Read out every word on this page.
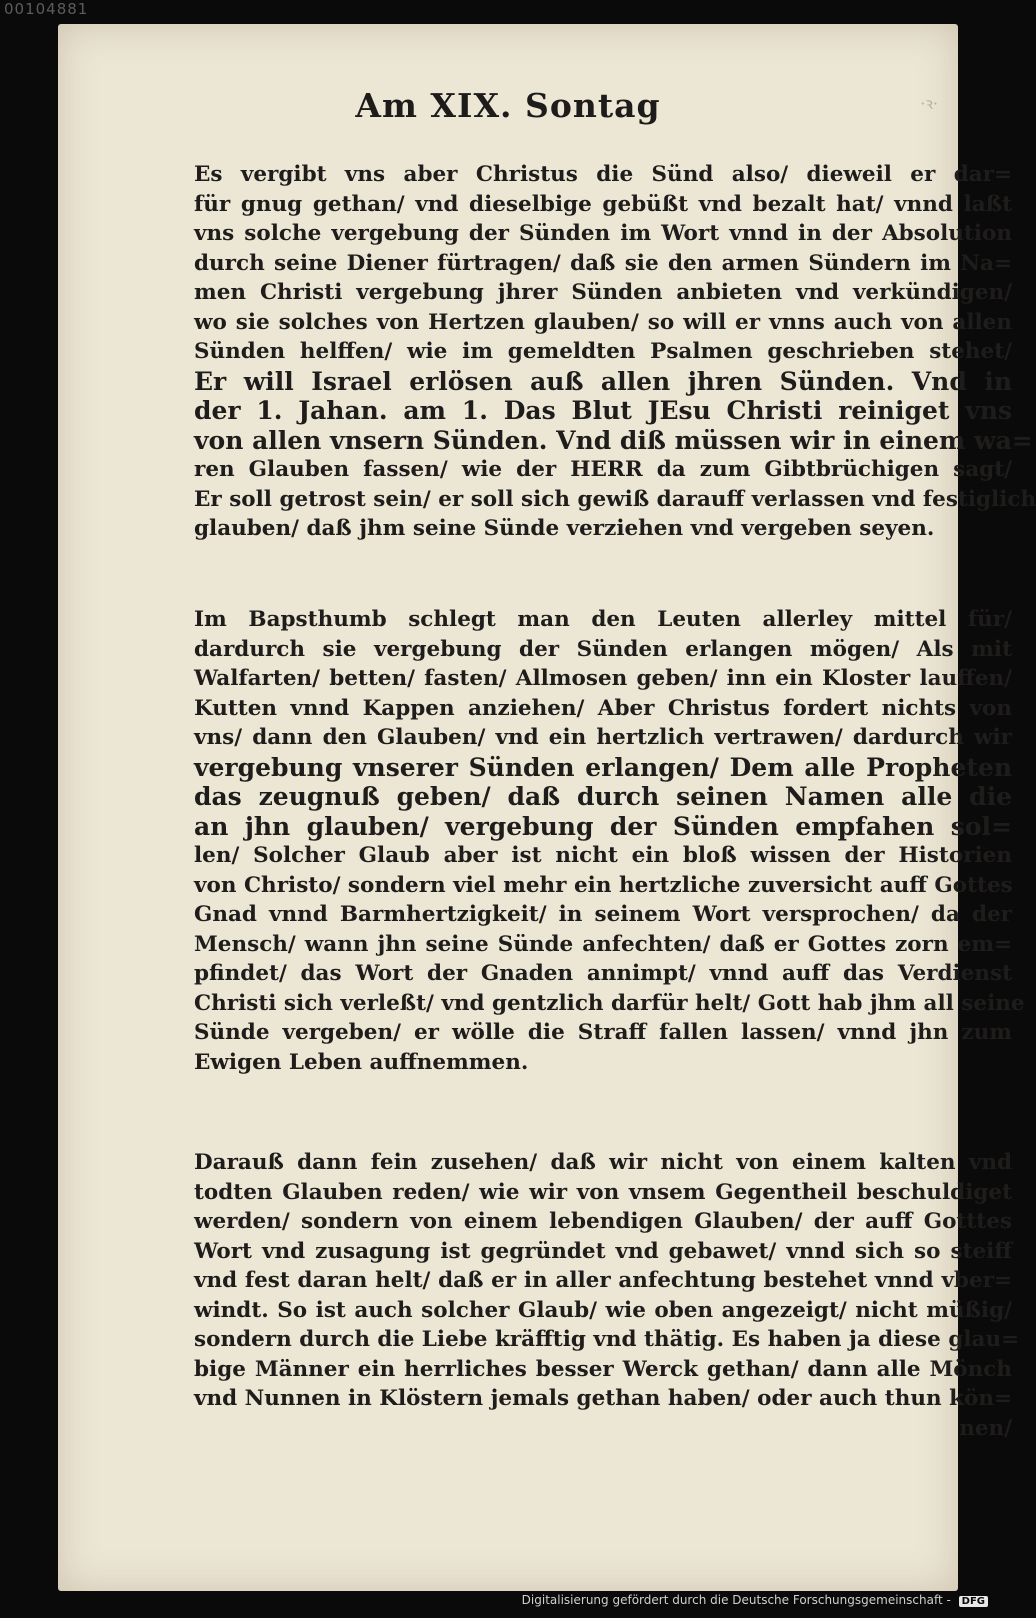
00104881
·ꝛ·
Am XIX. Sontag

Es vergibt vns aber Christus die Sünd also/ dieweil er dar=
für gnug gethan/ vnd dieselbige gebüßt vnd bezalt hat/ vnnd laßt
vns solche vergebung der Sünden im Wort vnnd in der Absolution
durch seine Diener fürtragen/ daß sie den armen Sündern im Na=
men Christi vergebung jhrer Sünden anbieten vnd verkündigen/
wo sie solches von Hertzen glauben/ so will er vnns auch von allen
Sünden helffen/ wie im gemeldten Psalmen geschrieben stehet/
Er will Israel erlösen auß allen jhren Sünden. Vnd in
der 1. Jahan. am 1. Das Blut JEsu Christi reiniget vns
von allen vnsern Sünden. Vnd diß müssen wir in einem wa=
ren Glauben fassen/ wie der HERR da zum Gibtbrüchigen sagt/
Er soll getrost sein/ er soll sich gewiß darauff verlassen vnd festiglich
glauben/ daß jhm seine Sünde verziehen vnd vergeben seyen.

Im Bapsthumb schlegt man den Leuten allerley mittel für/
dardurch sie vergebung der Sünden erlangen mögen/ Als mit
Walfarten/ betten/ fasten/ Allmosen geben/ inn ein Kloster lauffen/
Kutten vnnd Kappen anziehen/ Aber Christus fordert nichts von
vns/ dann den Glauben/ vnd ein hertzlich vertrawen/ dardurch wir
vergebung vnserer Sünden erlangen/ Dem alle Propheten
das zeugnuß geben/ daß durch seinen Namen alle die
an jhn glauben/ vergebung der Sünden empfahen sol=
len/ Solcher Glaub aber ist nicht ein bloß wissen der Historien
von Christo/ sondern viel mehr ein hertzliche zuversicht auff Gottes
Gnad vnnd Barmhertzigkeit/ in seinem Wort versprochen/ da der
Mensch/ wann jhn seine Sünde anfechten/ daß er Gottes zorn em=
pfindet/ das Wort der Gnaden annimpt/ vnnd auff das Verdienst
Christi sich verleßt/ vnd gentzlich darfür helt/ Gott hab jhm all seine
Sünde vergeben/ er wölle die Straff fallen lassen/ vnnd jhn zum
Ewigen Leben auffnemmen.

Darauß dann fein zusehen/ daß wir nicht von einem kalten vnd
todten Glauben reden/ wie wir von vnsem Gegentheil beschuldiget
werden/ sondern von einem lebendigen Glauben/ der auff Gotttes
Wort vnd zusagung ist gegründet vnd gebawet/ vnnd sich so steiff
vnd fest daran helt/ daß er in aller anfechtung bestehet vnnd vber=
windt. So ist auch solcher Glaub/ wie oben angezeigt/ nicht müßig/
sondern durch die Liebe kräfftig vnd thätig. Es haben ja diese glau=
bige Männer ein herrliches besser Werck gethan/ dann alle Mönch
vnd Nunnen in Klöstern jemals gethan haben/ oder auch thun kön=
nen/

Digitalisierung gefördert durch die Deutsche Forschungsgemeinschaft - DFG
